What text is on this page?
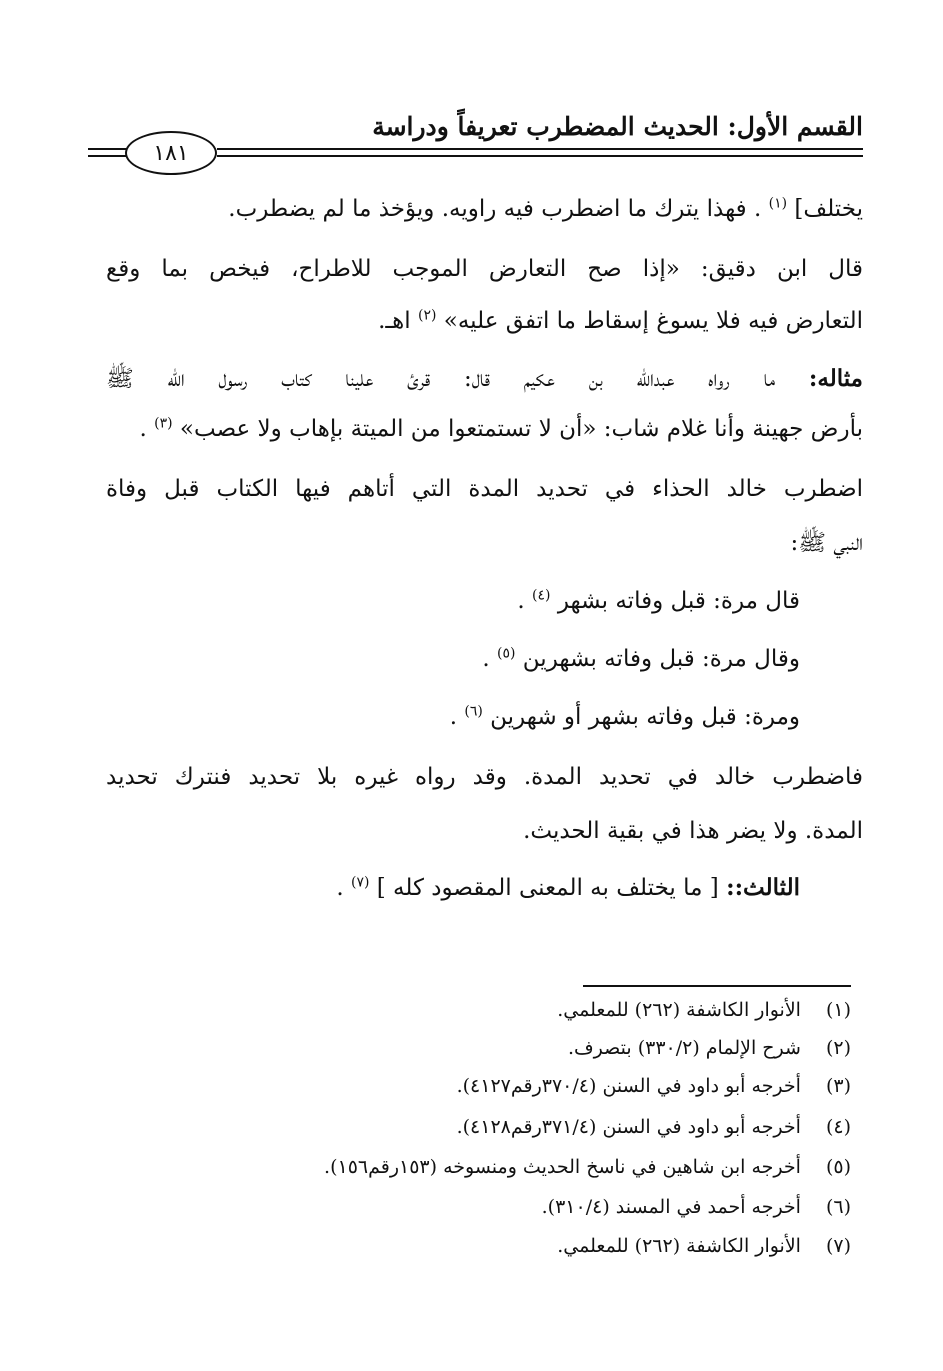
القسم الأول: الحديث المضطرب تعريفاً ودراسة
١٨١
يختلف] $^{(١)}$ . فهذا يترك ما اضطرب فيه راويه. ويؤخذ ما لم يضطرب.
قال ابن دقيق: «إذا صح التعارض الموجب للاطراح، فيخص بما وقع
التعارض فيه فلا يسوغ إسقاط ما اتفق عليه» $^{(٢)}$ اهـ.
مثاله: ما رواه عبدالله بن عكيم قال: قرئ علينا كتاب رسول الله ﷺ
بأرض جهينة وأنا غلام شاب: «أن لا تستمتعوا من الميتة بإهاب ولا عصب» $^{(٣)}$ .
اضطرب خالد الحذاء في تحديد المدة التي أتاهم فيها الكتاب قبل وفاة
النبي ﷺ:
قال مرة: قبل وفاته بشهر $^{(٤)}$ .
وقال مرة: قبل وفاته بشهرين $^{(٥)}$ .
ومرة: قبل وفاته بشهر أو شهرين $^{(٦)}$ .
فاضطرب خالد في تحديد المدة. وقد رواه غيره بلا تحديد فنترك تحديد
المدة. ولا يضر هذا في بقية الحديث.
الثالث:: [ ما يختلف به المعنى المقصود كله ] $^{(٧)}$ .
(١) الأنوار الكاشفة (٢٦٢) للمعلمي.
(٢) شرح الإلمام (٣٣٠/٢) بتصرف.
(٣) أخرجه أبو داود في السنن (٣٧٠/٤رقم٤١٢٧).
(٤) أخرجه أبو داود في السنن (٣٧١/٤رقم٤١٢٨).
(٥) أخرجه ابن شاهين في ناسخ الحديث ومنسوخه (١٥٣رقم١٥٦).
(٦) أخرجه أحمد في المسند (٣١٠/٤).
(٧) الأنوار الكاشفة (٢٦٢) للمعلمي.
